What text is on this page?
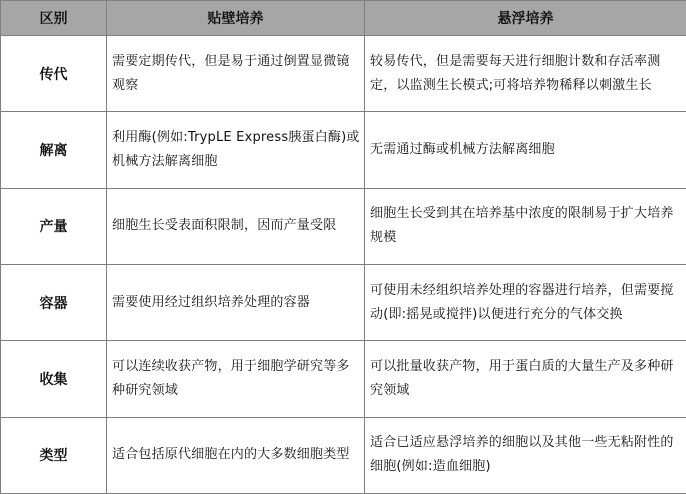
区别	贴壁培养	悬浮培养
传代	需要定期传代，但是易于通过倒置显微镜观察	较易传代，但是需要每天进行细胞计数和存活率测定，以监测生长模式;可将培养物稀释以刺激生长
解离	利用酶(例如:TrypLE Express胰蛋白酶)或机械方法解离细胞	无需通过酶或机械方法解离细胞
产量	细胞生长受表面积限制，因而产量受限	细胞生长受到其在培养基中浓度的限制易于扩大培养规模
容器	需要使用经过组织培养处理的容器	可使用未经组织培养处理的容器进行培养，但需要搅动(即:摇晃或搅拌)以便进行充分的气体交换
收集	可以连续收获产物，用于细胞学研究等多种研究领域	可以批量收获产物，用于蛋白质的大量生产及多种研究领域
类型	适合包括原代细胞在内的大多数细胞类型	适合已适应悬浮培养的细胞以及其他一些无粘附性的细胞(例如:造血细胞)
